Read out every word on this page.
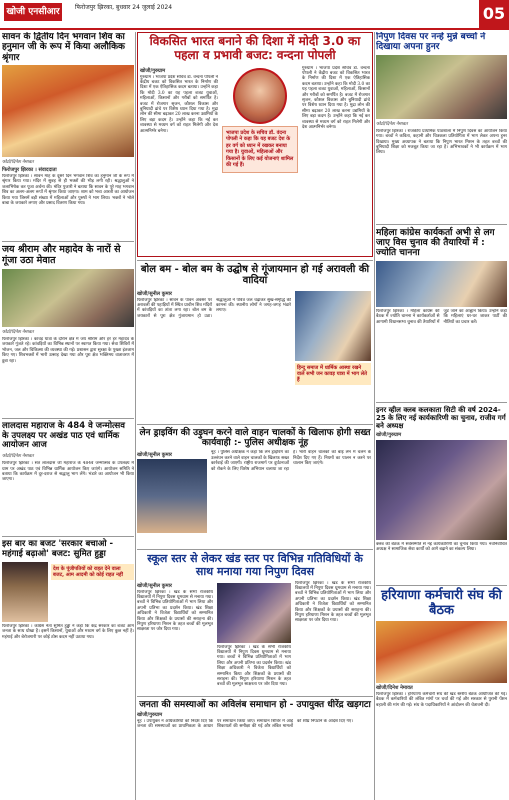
खोजी एनसीआर	फिरोजपुर झिरका, बुधवार 24 जुलाई 2024	05
सावन के द्वितीय दिन भगवान शिव का हनुमान जी के रूप में किया अलौकिक श्रृंगार
फोटो/दिनेश नेमावत
फिरोजपुर झिरका । संवाददाता
फिरोजपुर झिरका । सावन माह के दूसरे दिन भगवान शिव का हनुमान जी के रूप में श्रृंगार किया गया। मंदिर में सुबह से ही भक्तों की भीड़ लगी रही। श्रद्धालुओं ने जलाभिषेक कर पूजा अर्चना की। मंदिर पुजारी ने बताया कि सावन के पूरे माह भगवान शिव का अलग-अलग रूपों में श्रृंगार किया जाएगा। शाम को भव्य आरती का आयोजन किया गया जिसमें बड़ी संख्या में महिलाओं और पुरुषों ने भाग लिया। भक्तों ने भोले बाबा के जयकारे लगाए और प्रसाद वितरण किया गया।
जय श्रीराम और महादेव के नारों से गूंजा उठा मेवात
फोटो/दिनेश नेमावत
फिरोजपुर झिरका । कांवड़ यात्रा के दौरान क्षेत्र में जय श्रीराम और हर हर महादेव के जयकारे गूंजते रहे। कांवड़ियों का विभिन्न स्थानों पर स्वागत किया गया। सेवा शिविरों में भोजन, जल और चिकित्सा की व्यवस्था की गई। प्रशासन द्वारा सुरक्षा के पुख्ता इंतजाम किए गए। शिवभक्तों में भारी उत्साह देखा गया और पूरा क्षेत्र भक्तिमय वातावरण में डूबा रहा।
लालदास महाराज के 484 वे जन्मोत्सव के उपलक्ष्य पर अखंड पाठ एवं धार्मिक आयोजन आज
फोटो/दिनेश नेमावत
फिरोजपुर झिरका । संत लालदास जी महाराज के 484वें जन्मोत्सव के उपलक्ष्य में धाम पर अखंड पाठ एवं विभिन्न धार्मिक आयोजन किए जाएंगे। आयोजन समिति ने बताया कि कार्यक्रम में दूर-दराज से श्रद्धालु भाग लेंगे। भंडारे का आयोजन भी किया जाएगा।
इस बार का बजट 'सरकार बचाओ - महंगाई बढ़ाओ' बजट: सुमित हुड्डा
देश के पूंजीपतियों को राहत देने वाला बजट, आम आदमी को कोई राहत नहीं
फिरोजपुर झिरका । कांग्रेस नेता सुमित हुड्डा ने कहा कि केंद्र सरकार का बजट आम जनता के साथ धोखा है। इसमें किसानों, युवाओं और मध्यम वर्ग के लिए कुछ नहीं है। महंगाई और बेरोजगारी पर कोई ठोस कदम नहीं उठाया गया।
विकसित भारत बनाने की दिशा में मोदी 3.0 का पहला व प्रभावी बजट: वन्दना पोपली
खोजी/गुरुग्राम
गुरुग्राम । भाजपा प्रदेश सचिव डॉ. वन्दना पोपली ने केंद्रीय बजट को विकसित भारत के निर्माण की दिशा में एक ऐतिहासिक कदम बताया। उन्होंने कहा कि मोदी 3.0 का यह पहला बजट युवाओं, महिलाओं, किसानों और गरीबों को समर्पित है। बजट में रोजगार सृजन, कौशल विकास और बुनियादी ढांचे पर विशेष ध्यान दिया गया है। मुद्रा लोन की सीमा बढ़ाकर 20 लाख करना उद्यमियों के लिए बड़ा कदम है। उन्होंने कहा कि नई कर व्यवस्था से मध्यम वर्ग को राहत मिलेगी और देश आत्मनिर्भर बनेगा।	भाजपा प्रदेश के सचिव डॉ. वंदना पोपली ने कहा कि यह बजट देश के हर वर्ग को ध्यान में रखकर बनाया गया है। युवाओं, महिलाओं और किसानों के लिए कई योजनाएं शामिल की गई हैं।
गुरुग्राम । भाजपा प्रदेश सचिव डॉ. वन्दना पोपली ने केंद्रीय बजट को विकसित भारत के निर्माण की दिशा में एक ऐतिहासिक कदम बताया। उन्होंने कहा कि मोदी 3.0 का यह पहला बजट युवाओं, महिलाओं, किसानों और गरीबों को समर्पित है। बजट में रोजगार सृजन, कौशल विकास और बुनियादी ढांचे पर विशेष ध्यान दिया गया है। मुद्रा लोन की सीमा बढ़ाकर 20 लाख करना उद्यमियों के लिए बड़ा कदम है। उन्होंने कहा कि नई कर व्यवस्था से मध्यम वर्ग को राहत मिलेगी और देश आत्मनिर्भर बनेगा।
बोल बम - बोल बम के उद्घोष से गूंजायमान हो गई अरावली की वादियां
खोजी/सुनील कुमार
फिरोजपुर झिरका । सावन के पावन अवसर पर अरावली की पहाड़ियों में स्थित प्राचीन शिव मंदिरों में कांवड़ियों का तांता लगा रहा। बोल बम के जयकारों से पूरा क्षेत्र गुंजायमान हो उठा। श्रद्धालुओं ने पवित्र जल चढ़ाकर सुख-समृद्धि की कामना की। स्थानीय लोगों ने जगह-जगह भंडारे लगाए।
हिन्दू समाज में धार्मिक आस्था रखने वाले सभी जन कावड़ यात्रा में भाग लेते हैं
लेन ड्राइविंग की उड़ुघन करने वाले वाहन चालकों के खिलाफ होगी सख्त कार्यवाही :- पुलिस अधीक्षक नूंह
खोजी/सुनील कुमार	नूंह । पुलिस अधीक्षक ने कहा कि लेन ड्राइविंग का उल्लंघन करने वाले वाहन चालकों के खिलाफ सख्त कार्रवाई की जाएगी। राष्ट्रीय राजमार्ग पर दुर्घटनाओं को रोकने के लिए विशेष अभियान चलाया जा रहा है। भारी वाहन चालकों को बाईं लेन में चलने के निर्देश दिए गए हैं। नियमों का पालन न करने पर चालान किए जाएंगे।
स्कूल स्तर से लेकर खंड स्तर पर विभिन्न गतिविधियों के साथ मनाया गया निपुण दिवस
खोजी/सुनील कुमार
फिरोजपुर झिरका । खंड के सभी राजकीय विद्यालयों में निपुण दिवस धूमधाम से मनाया गया। बच्चों ने विभिन्न प्रतियोगिताओं में भाग लिया और अपनी प्रतिभा का प्रदर्शन किया। खंड शिक्षा अधिकारी ने विजेता विद्यार्थियों को सम्मानित किया और शिक्षकों के प्रयासों की सराहना की। निपुण हरियाणा मिशन के तहत बच्चों की मूलभूत साक्षरता पर जोर दिया गया।
फिरोजपुर झिरका । खंड के सभी राजकीय विद्यालयों में निपुण दिवस धूमधाम से मनाया गया। बच्चों ने विभिन्न प्रतियोगिताओं में भाग लिया और अपनी प्रतिभा का प्रदर्शन किया। खंड शिक्षा अधिकारी ने विजेता विद्यार्थियों को सम्मानित किया और शिक्षकों के प्रयासों की सराहना की। निपुण हरियाणा मिशन के तहत बच्चों की मूलभूत साक्षरता पर जोर दिया गया।
फिरोजपुर झिरका । खंड के सभी राजकीय विद्यालयों में निपुण दिवस धूमधाम से मनाया गया। बच्चों ने विभिन्न प्रतियोगिताओं में भाग लिया और अपनी प्रतिभा का प्रदर्शन किया। खंड शिक्षा अधिकारी ने विजेता विद्यार्थियों को सम्मानित किया और शिक्षकों के प्रयासों की सराहना की। निपुण हरियाणा मिशन के तहत बच्चों की मूलभूत साक्षरता पर जोर दिया गया।
जनता की समस्याओं का अविलंब समाधान हो - उपायुक्त धीरेंद्र खड़गटा
खोजी/गुरुग्राम
नूंह । उपायुक्त ने अधिकारियों को निर्देश दिए कि जनता की समस्याओं का प्राथमिकता के आधार पर समाधान किया जाए। समाधान शिविर में आई शिकायतों की समीक्षा की गई और लंबित मामलों को शीघ्र निपटाने के आदेश दिए गए।
निपुण दिवस पर नन्हे मुन्ने बच्चों ने दिखाया अपना हुनर
फोटो/दिनेश नेमावत
फिरोजपुर झिरका । राजकीय प्राथमिक पाठशाला में निपुण दिवस का आयोजन किया गया। बच्चों ने कविता, कहानी और चित्रकला प्रतियोगिता में भाग लेकर अपना हुनर दिखाया। मुख्य अध्यापक ने बताया कि निपुण भारत मिशन के तहत बच्चों की बुनियादी शिक्षा को मजबूत किया जा रहा है। अभिभावकों ने भी कार्यक्रम में भाग लिया।
महिला कांग्रेस कार्यकर्ता अभी से लग जाए विस चुनाव की तैयारियों में : ज्योति चानना
फिरोजपुर झिरका । महिला कांग्रेस की बैठक में ज्योति चानना ने कार्यकर्ताओं से आगामी विधानसभा चुनाव की तैयारियों में जुट जाने का आह्वान किया। उन्होंने कहा कि महिलाएं घर-घर जाकर पार्टी की नीतियों का प्रचार करें।
इनर व्हील क्लब कलकाता सिटी की वर्ष 2024-25 के लिए नई कार्यकारिणी का चुनाव, राजीव गर्ग बने अध्यक्ष
खोजी/गुरुग्राम
क्लब की बैठक में सर्वसम्मति से नई कार्यकारिणी का चुनाव किया गया। नवनिर्वाचित अध्यक्ष ने सामाजिक सेवा कार्यों को आगे बढ़ाने का संकल्प लिया।
हरियाणा कर्मचारी संघ की बैठक
खोजी/दिनेश नेमावत
फिरोजपुर झिरका । हरियाणा कर्मचारी संघ की खंड स्तरीय बैठक आयोजित की गई। बैठक में कर्मचारियों की लंबित मांगों पर चर्चा की गई और सरकार से पुरानी पेंशन बहाली की मांग की गई। संघ के पदाधिकारियों ने आंदोलन की चेतावनी दी।
